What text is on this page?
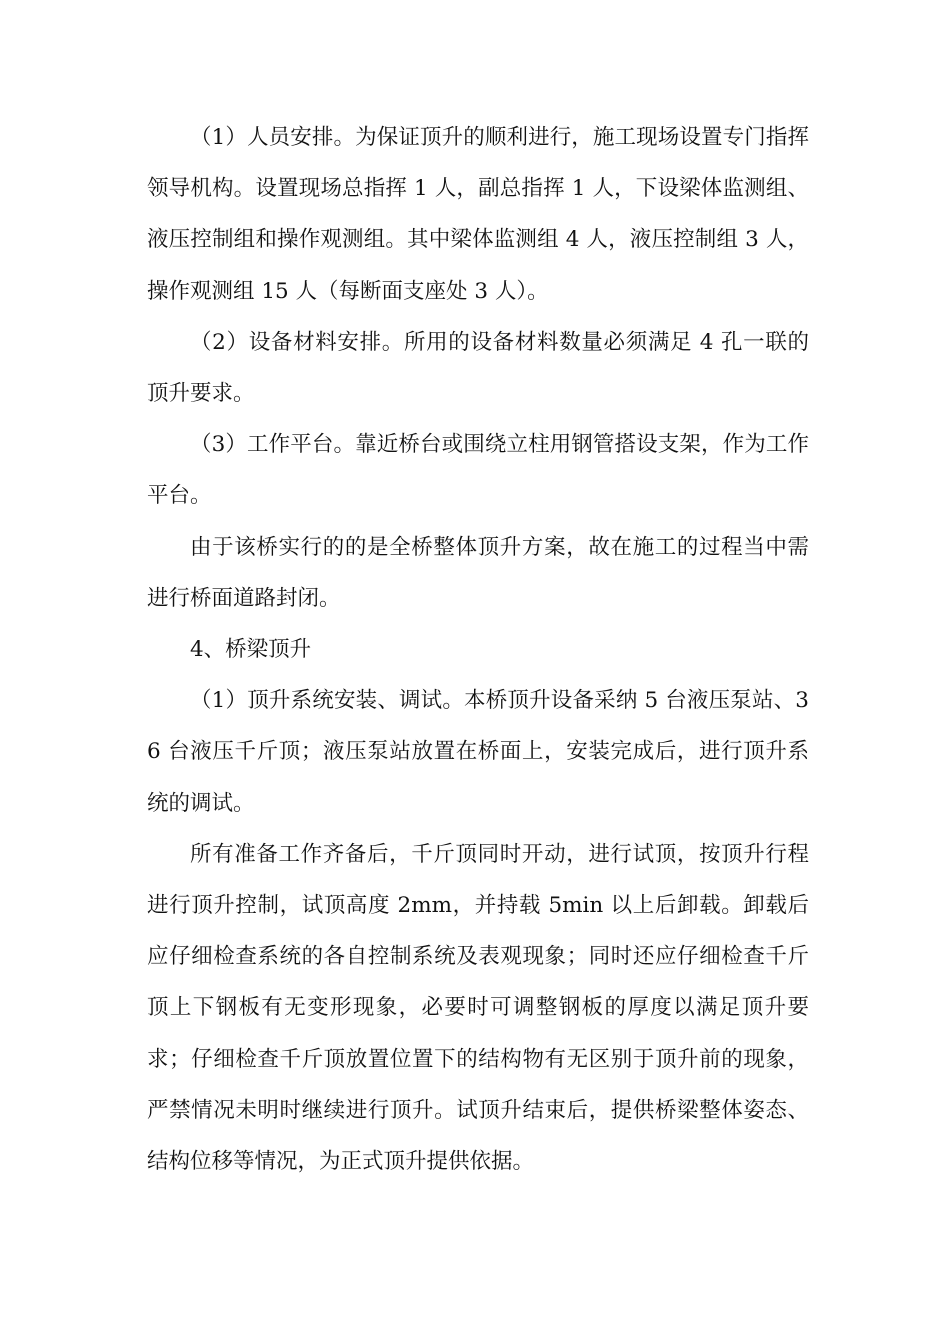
（1）人员安排。为保证顶升的顺利进行，施工现场设置专门指挥领导机构。设置现场总指挥 1 人，副总指挥 1 人，下设梁体监测组、液压控制组和操作观测组。其中梁体监测组 4 人，液压控制组 3 人，操作观测组 15 人（每断面支座处 3 人）。

（2）设备材料安排。所用的设备材料数量必须满足 4 孔一联的顶升要求。

（3）工作平台。靠近桥台或围绕立柱用钢管搭设支架，作为工作平台。

由于该桥实行的的是全桥整体顶升方案，故在施工的过程当中需进行桥面道路封闭。

4、桥梁顶升

（1）顶升系统安装、调试。本桥顶升设备采纳 5 台液压泵站、36 台液压千斤顶；液压泵站放置在桥面上，安装完成后，进行顶升系统的调试。

所有准备工作齐备后，千斤顶同时开动，进行试顶，按顶升行程进行顶升控制，试顶高度 2mm，并持载 5min 以上后卸载。卸载后应仔细检查系统的各自控制系统及表观现象；同时还应仔细检查千斤顶上下钢板有无变形现象，必要时可调整钢板的厚度以满足顶升要求；仔细检查千斤顶放置位置下的结构物有无区别于顶升前的现象，严禁情况未明时继续进行顶升。试顶升结束后，提供桥梁整体姿态、结构位移等情况，为正式顶升提供依据。
